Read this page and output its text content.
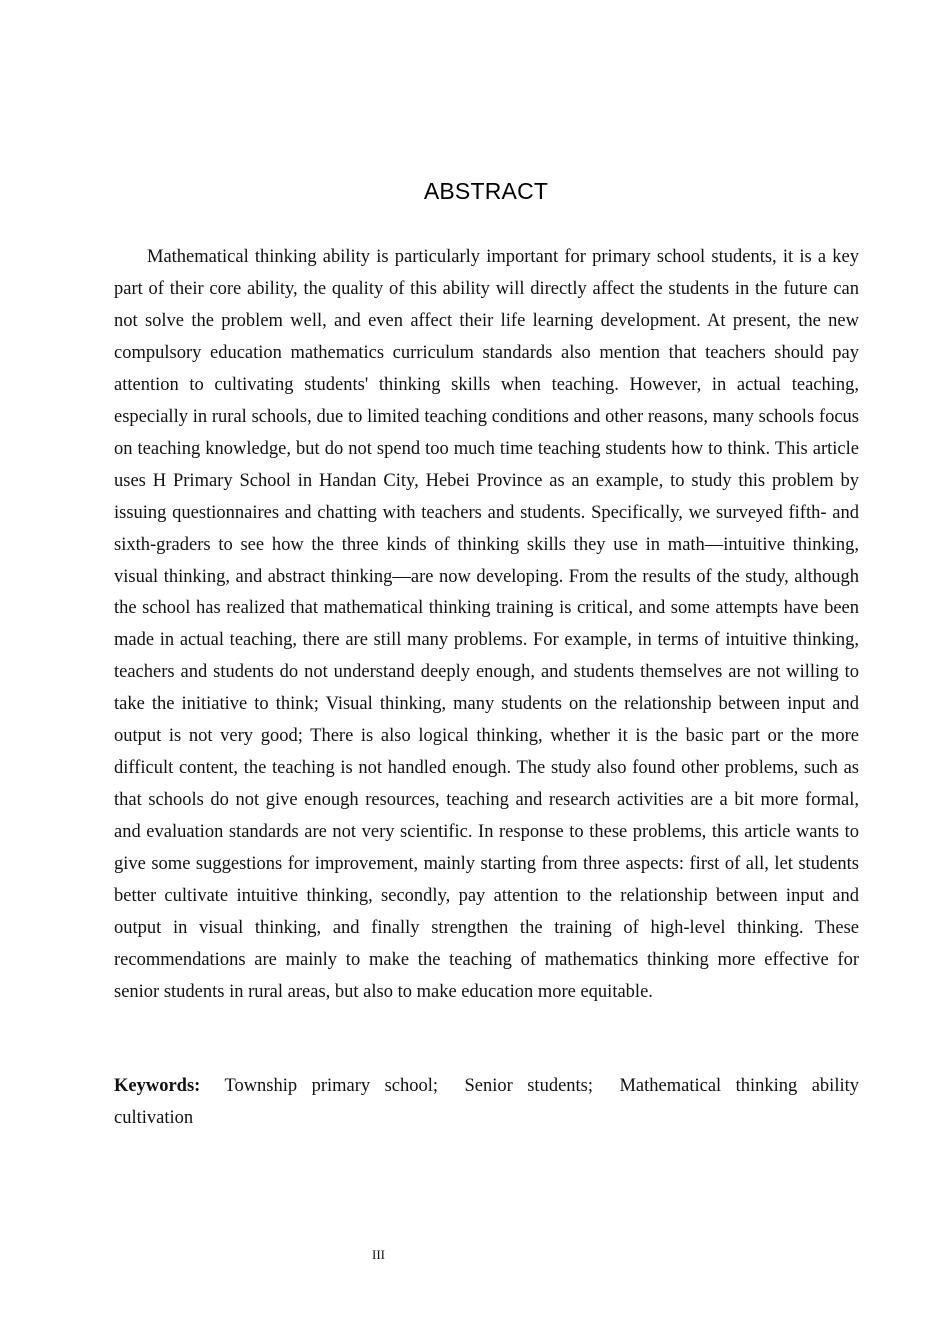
ABSTRACT

Mathematical thinking ability is particularly important for primary school students, it is a key part of their core ability, the quality of this ability will directly affect the students in the future can not solve the problem well, and even affect their life learning development. At present, the new compulsory education mathematics curriculum standards also mention that teachers should pay attention to cultivating students' thinking skills when teaching. However, in actual teaching, especially in rural schools, due to limited teaching conditions and other reasons, many schools focus on teaching knowledge, but do not spend too much time teaching students how to think. This article uses H Primary School in Handan City, Hebei Province as an example, to study this problem by issuing questionnaires and chatting with teachers and students. Specifically, we surveyed fifth- and sixth-graders to see how the three kinds of thinking skills they use in math—intuitive thinking, visual thinking, and abstract thinking—are now developing. From the results of the study, although the school has realized that mathematical thinking training is critical, and some attempts have been made in actual teaching, there are still many problems. For example, in terms of intuitive thinking, teachers and students do not understand deeply enough, and students themselves are not willing to take the initiative to think; Visual thinking, many students on the relationship between input and output is not very good; There is also logical thinking, whether it is the basic part or the more difficult content, the teaching is not handled enough. The study also found other problems, such as that schools do not give enough resources, teaching and research activities are a bit more formal, and evaluation standards are not very scientific. In response to these problems, this article wants to give some suggestions for improvement, mainly starting from three aspects: first of all, let students better cultivate intuitive thinking, secondly, pay attention to the relationship between input and output in visual thinking, and finally strengthen the training of high-level thinking. These recommendations are mainly to make the teaching of mathematics thinking more effective for senior students in rural areas, but also to make education more equitable.

Keywords: Township primary school; Senior students; Mathematical thinking ability cultivation

III
